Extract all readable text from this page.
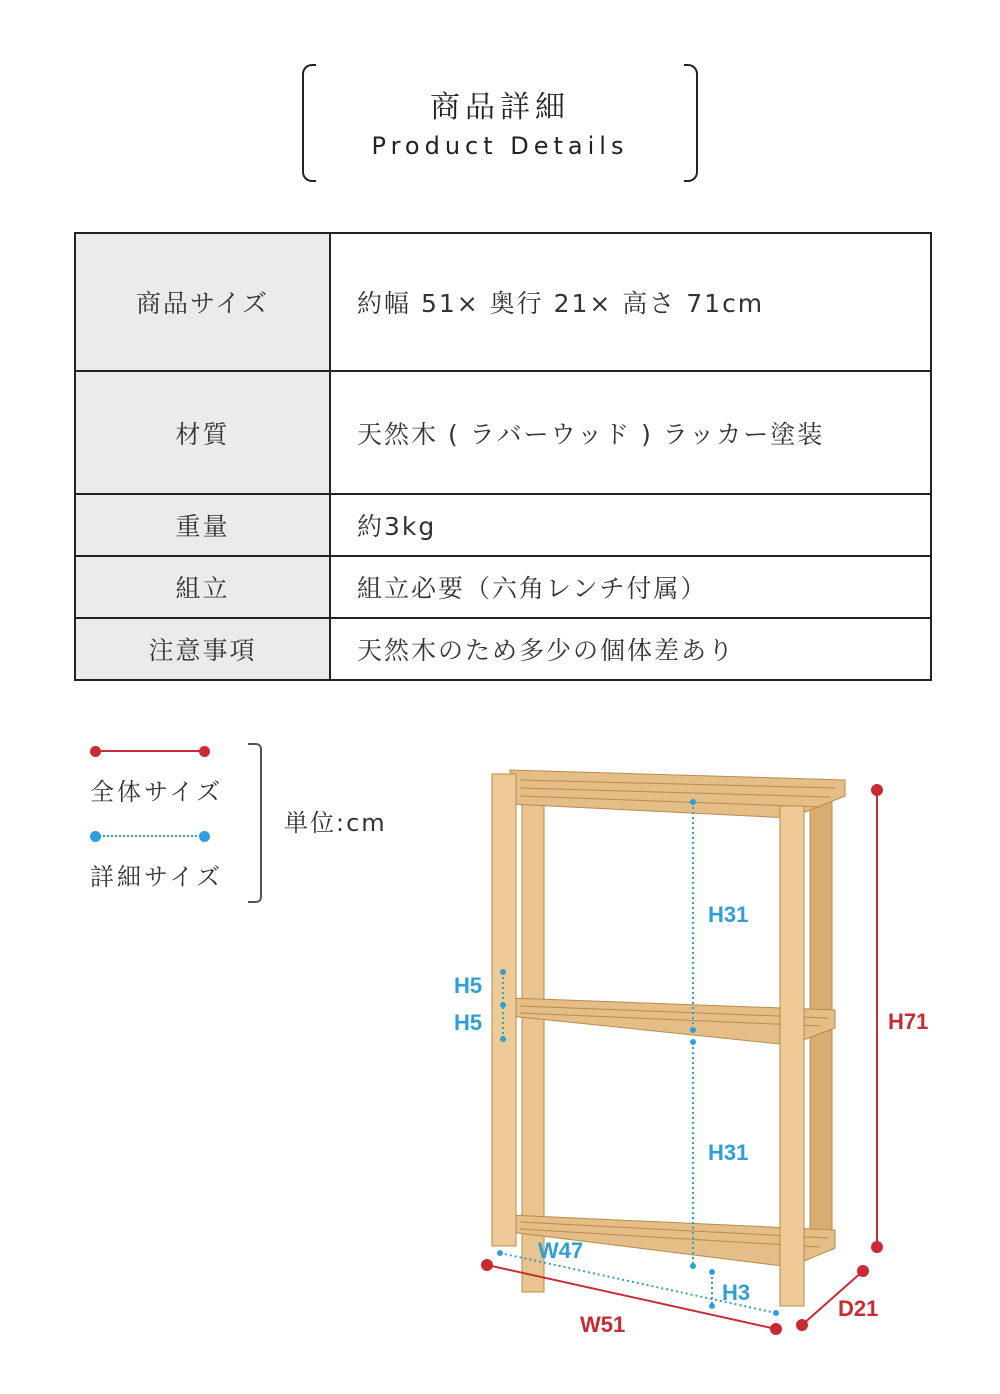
商品詳細
Product Details
商品サイズ	約幅 51× 奥行 21× 高さ 71cm
材質	天然木 ( ラバーウッド ) ラッカー塗装
重量	約3kg
組立	組立必要（六角レンチ付属）
注意事項	天然木のため多少の個体差あり
全体サイズ
詳細サイズ
単位:cm
H71
W51
D21
H31
H31
H5
H5
W47
H3
